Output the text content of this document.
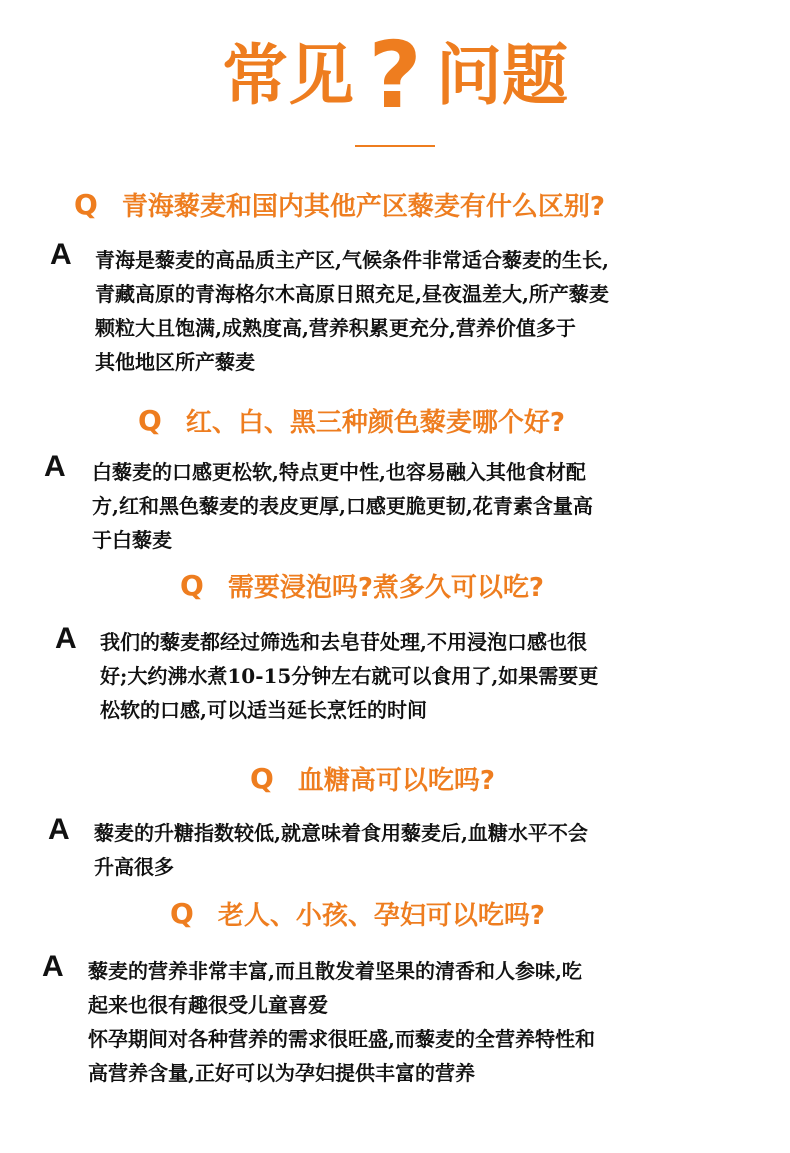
常见 ? 问题
Q 青海藜麦和国内其他产区藜麦有什么区别?
A 青海是藜麦的高品质主产区,气候条件非常适合藜麦的生长,
青藏高原的青海格尔木高原日照充足,昼夜温差大,所产藜麦
颗粒大且饱满,成熟度高,营养积累更充分,营养价值多于
其他地区所产藜麦
Q 红、白、黑三种颜色藜麦哪个好?
A 白藜麦的口感更松软,特点更中性,也容易融入其他食材配
方,红和黑色藜麦的表皮更厚,口感更脆更韧,花青素含量高
于白藜麦
Q 需要浸泡吗?煮多久可以吃?
A 我们的藜麦都经过筛选和去皂苷处理,不用浸泡口感也很
好;大约沸水煮10-15分钟左右就可以食用了,如果需要更
松软的口感,可以适当延长烹饪的时间
Q 血糖高可以吃吗?
A 藜麦的升糖指数较低,就意味着食用藜麦后,血糖水平不会
升高很多
Q 老人、小孩、孕妇可以吃吗?
A 藜麦的营养非常丰富,而且散发着坚果的清香和人参味,吃
起来也很有趣很受儿童喜爱
怀孕期间对各种营养的需求很旺盛,而藜麦的全营养特性和
高营养含量,正好可以为孕妇提供丰富的营养
